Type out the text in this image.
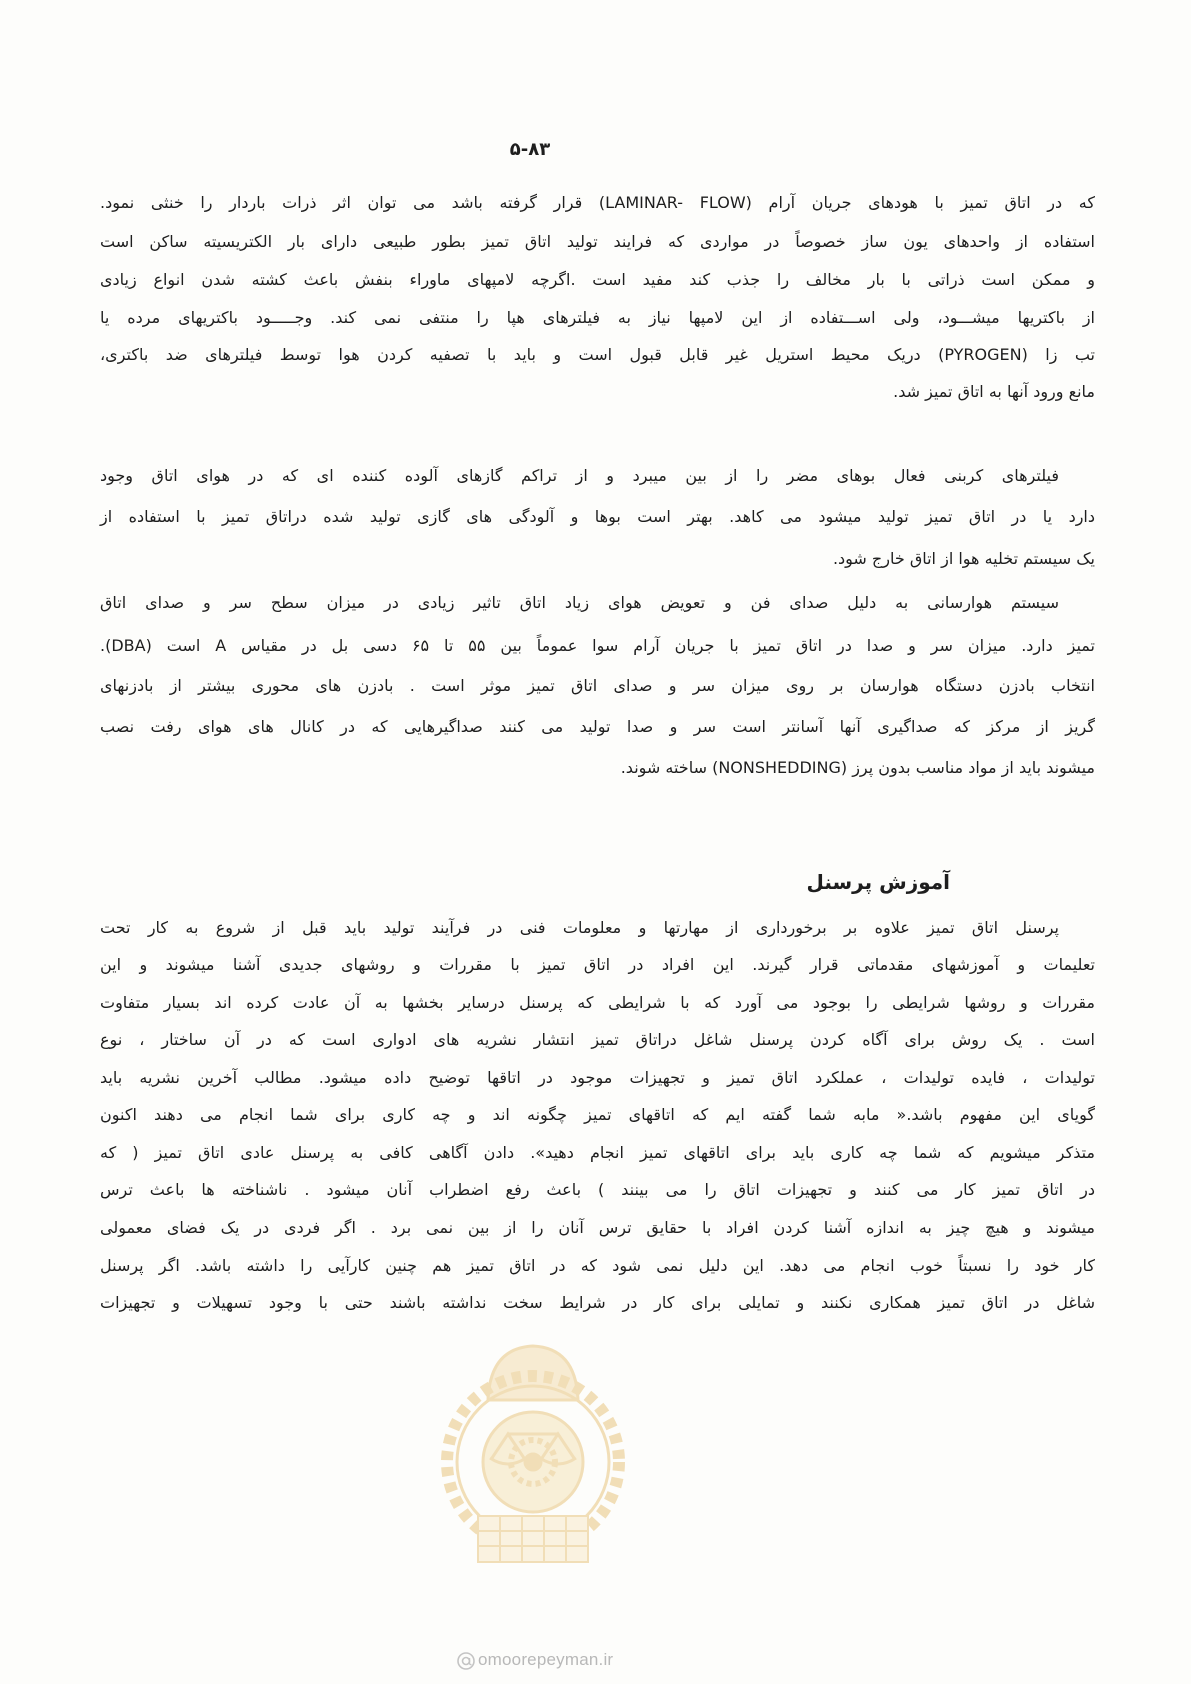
۵-۸۳
آموزش پرسنل
که در اتاق تمیز با هودهای جریان آرام (LAMINAR- FLOW) قرار گرفته باشد می توان اثر ذرات باردار را خنثی نمود.
استفاده از واحدهای یون ساز خصوصاً در مواردی که فرایند تولید اتاق تمیز بطور طبیعی دارای بار الکتریسیته ساکن است
و ممکن است ذراتی با بار مخالف را جذب کند مفید است .اگرچه لامپهای ماوراء بنفش باعث کشته شدن انواع زیادی
از باکتریها میشـــود، ولی اســـتفاده از این لامپها نیاز به فیلترهای هپا را منتفی نمی کند. وجـــــود باکتریهای مرده یا
تب زا (PYROGEN) دریک محیط استریل غیر قابل قبول است و باید با تصفیه کردن هوا توسط فیلترهای ضد باکتری،
مانع ورود آنها به اتاق تمیز شد.
فیلترهای کربنی فعال بوهای مضر را از بین میبرد و از تراکم گازهای آلوده کننده ای که در هوای اتاق وجود
دارد یا در اتاق تمیز تولید میشود می کاهد. بهتر است بوها و آلودگی های گازی تولید شده دراتاق تمیز با استفاده از
یک سیستم تخلیه هوا از اتاق خارج شود.
سیستم هوارسانی به دلیل صدای فن و تعویض هوای زیاد اتاق تاثیر زیادی در میزان سطح سر و صدای اتاق
تمیز دارد. میزان سر و صدا در اتاق تمیز با جریان آرام سوا عموماً بین ۵۵ تا ۶۵ دسی بل در مقیاس A است (DBA).
انتخاب بادزن دستگاه هوارسان بر روی میزان سر و صدای اتاق تمیز موثر است . بادزن های محوری بیشتر از بادزنهای
گریز از مرکز که صداگیری آنها آسانتر است سر و صدا تولید می کنند صداگیرهایی که در کانال های هوای رفت نصب
میشوند باید از مواد مناسب بدون پرز (NONSHEDDING) ساخته شوند.
پرسنل اتاق تمیز علاوه بر برخورداری از مهارتها و معلومات فنی در فرآیند تولید باید قبل از شروع به کار تحت
تعلیمات و آموزشهای مقدماتی قرار گیرند. این افراد در اتاق تمیز با مقررات و روشهای جدیدی آشنا میشوند و این
مقررات و روشها شرایطی را بوجود می آورد که با شرایطی که پرسنل درسایر بخشها به آن عادت کرده اند بسیار متفاوت
است . یک روش برای آگاه کردن پرسنل شاغل دراتاق تمیز انتشار نشریه های ادواری است که در آن ساختار ، نوع
تولیدات ، فایده تولیدات ، عملکرد اتاق تمیز و تجهیزات موجود در اتاقها توضیح داده میشود. مطالب آخرین نشریه باید
گویای این مفهوم باشد.« مابه شما گفته ایم که اتاقهای تمیز چگونه اند و چه کاری برای شما انجام می دهند اکنون
متذکر میشویم که شما چه کاری باید برای اتاقهای تمیز انجام دهید». دادن آگاهی کافی به پرسنل عادی اتاق تمیز ( که
در اتاق تمیز کار می کنند و تجهیزات اتاق را می بینند ) باعث رفع اضطراب آنان میشود . ناشناخته ها باعث ترس
میشوند و هیچ چیز به اندازه آشنا کردن افراد با حقایق ترس آنان را از بین نمی برد . اگر فردی در یک فضای معمولی
کار خود را نسبتاً خوب انجام می دهد. این دلیل نمی شود که در اتاق تمیز هم چنین کارآیی را داشته باشد. اگر پرسنل
شاغل در اتاق تمیز همکاری نکنند و تمایلی برای کار در شرایط سخت نداشته باشند حتی با وجود تسهیلات و تجهیزات
omoorepeyman.ir
